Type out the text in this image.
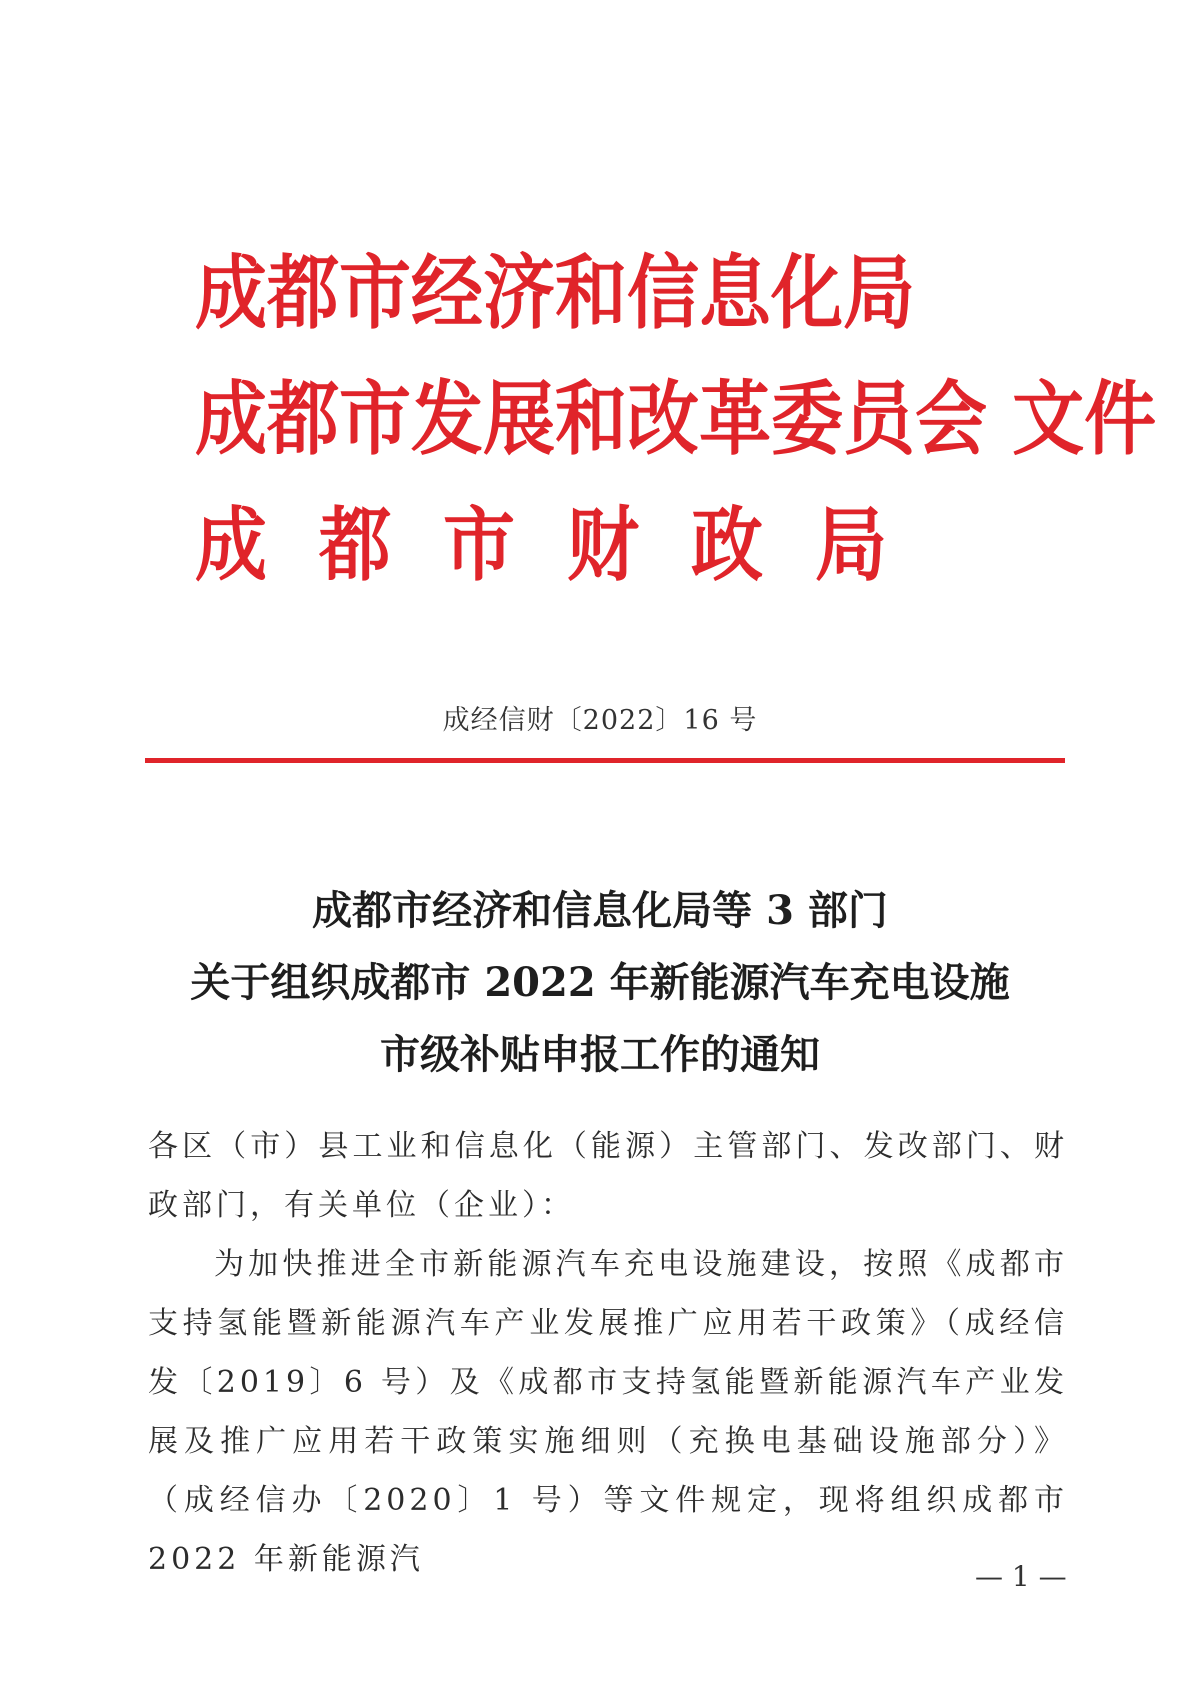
成都市经济和信息化局
成都市发展和改革委员会 文件
成都市财政局
成经信财〔2022〕16 号
成都市经济和信息化局等 3 部门
关于组织成都市 2022 年新能源汽车充电设施
市级补贴申报工作的通知

各区（市）县工业和信息化（能源）主管部门、发改部门、财政部门，有关单位（企业）：

为加快推进全市新能源汽车充电设施建设，按照《成都市支持氢能暨新能源汽车产业发展推广应用若干政策》（成经信发〔2019〕6 号）及《成都市支持氢能暨新能源汽车产业发展及推广应用若干政策实施细则（充换电基础设施部分）》（成经信办〔2020〕1 号）等文件规定，现将组织成都市 2022 年新能源汽	— 1 —
